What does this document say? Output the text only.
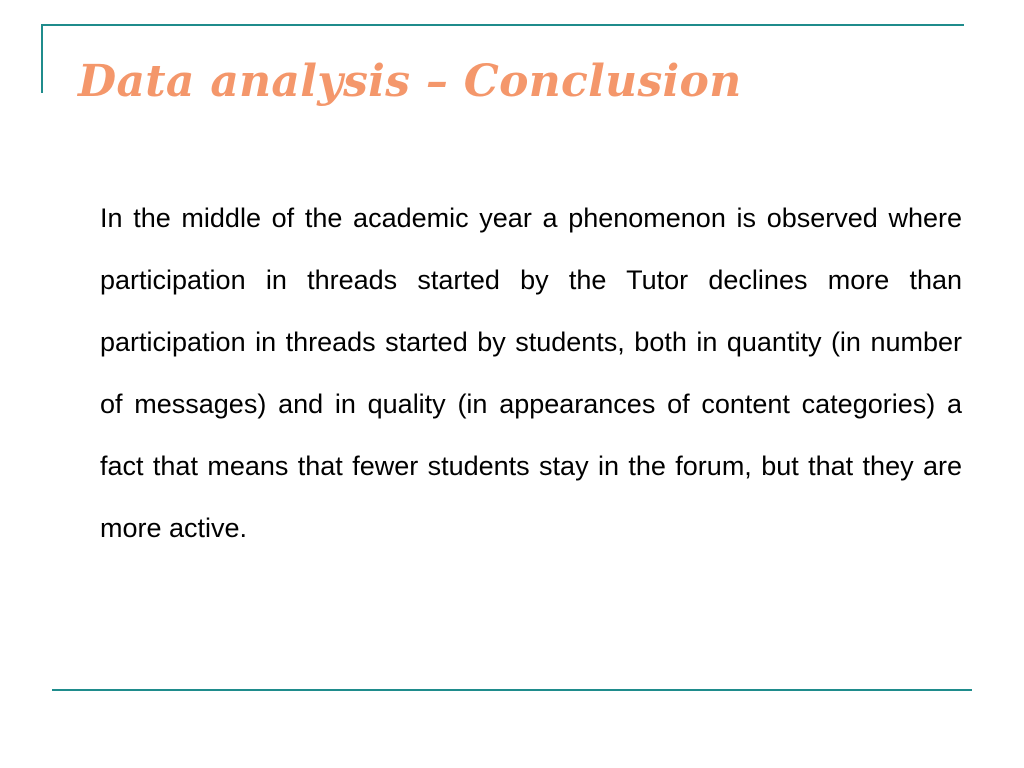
Data analysis – Conclusion

In the middle of the academic year a phenomenon is observed where participation in threads started by the Tutor declines more than participation in threads started by students, both in quantity (in number of messages) and in quality (in appearances of content categories) a fact that means that fewer students stay in the forum, but that they are more active.
